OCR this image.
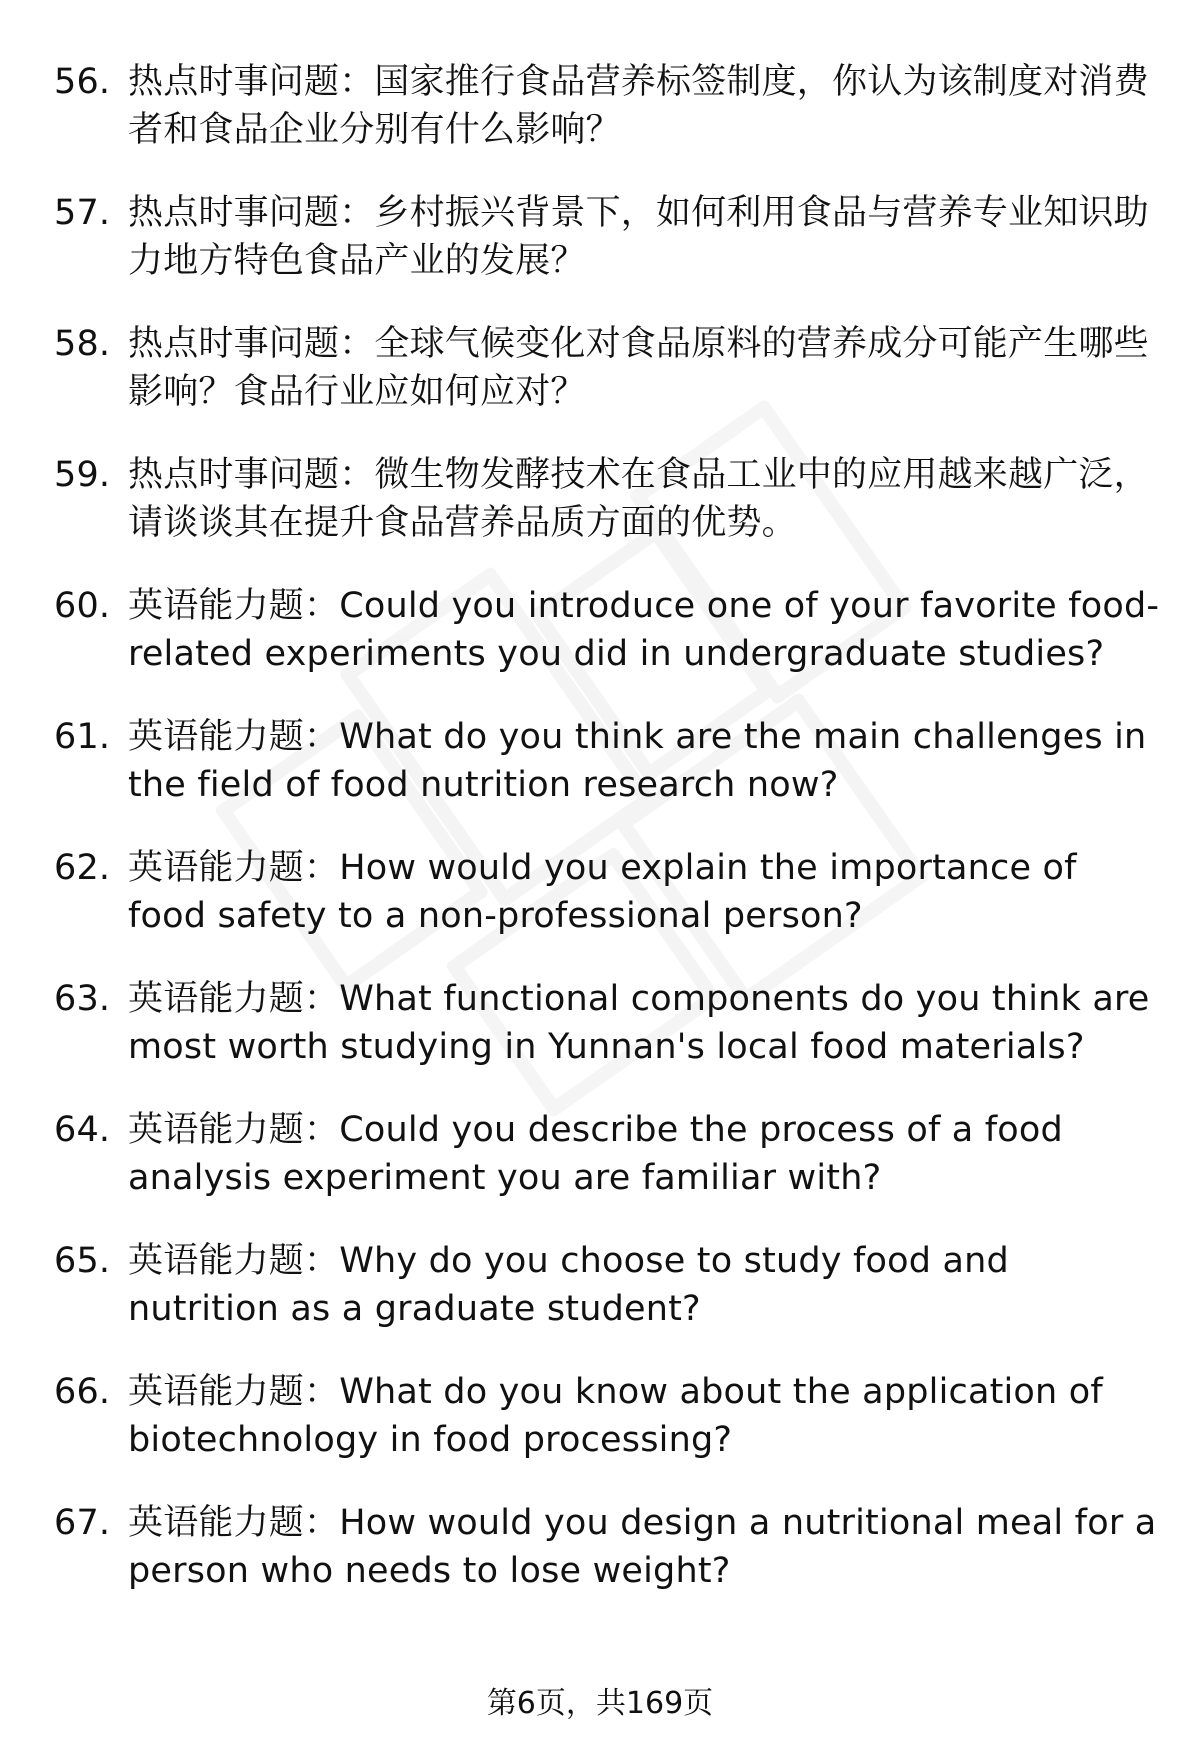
56. 热点时事问题：国家推行食品营养标签制度，你认为该制度对消费者和食品企业分别有什么影响？
57. 热点时事问题：乡村振兴背景下，如何利用食品与营养专业知识助力地方特色食品产业的发展？
58. 热点时事问题：全球气候变化对食品原料的营养成分可能产生哪些影响？食品行业应如何应对？
59. 热点时事问题：微生物发酵技术在食品工业中的应用越来越广泛，请谈谈其在提升食品营养品质方面的优势。
60. 英语能力题：Could you introduce one of your favorite food-related experiments you did in undergraduate studies?
61. 英语能力题：What do you think are the main challenges in the field of food nutrition research now?
62. 英语能力题：How would you explain the importance of food safety to a non-professional person?
63. 英语能力题：What functional components do you think are most worth studying in Yunnan's local food materials?
64. 英语能力题：Could you describe the process of a food analysis experiment you are familiar with?
65. 英语能力题：Why do you choose to study food and nutrition as a graduate student?
66. 英语能力题：What do you know about the application of biotechnology in food processing?
67. 英语能力题：How would you design a nutritional meal for a person who needs to lose weight?
第6页，共169页
